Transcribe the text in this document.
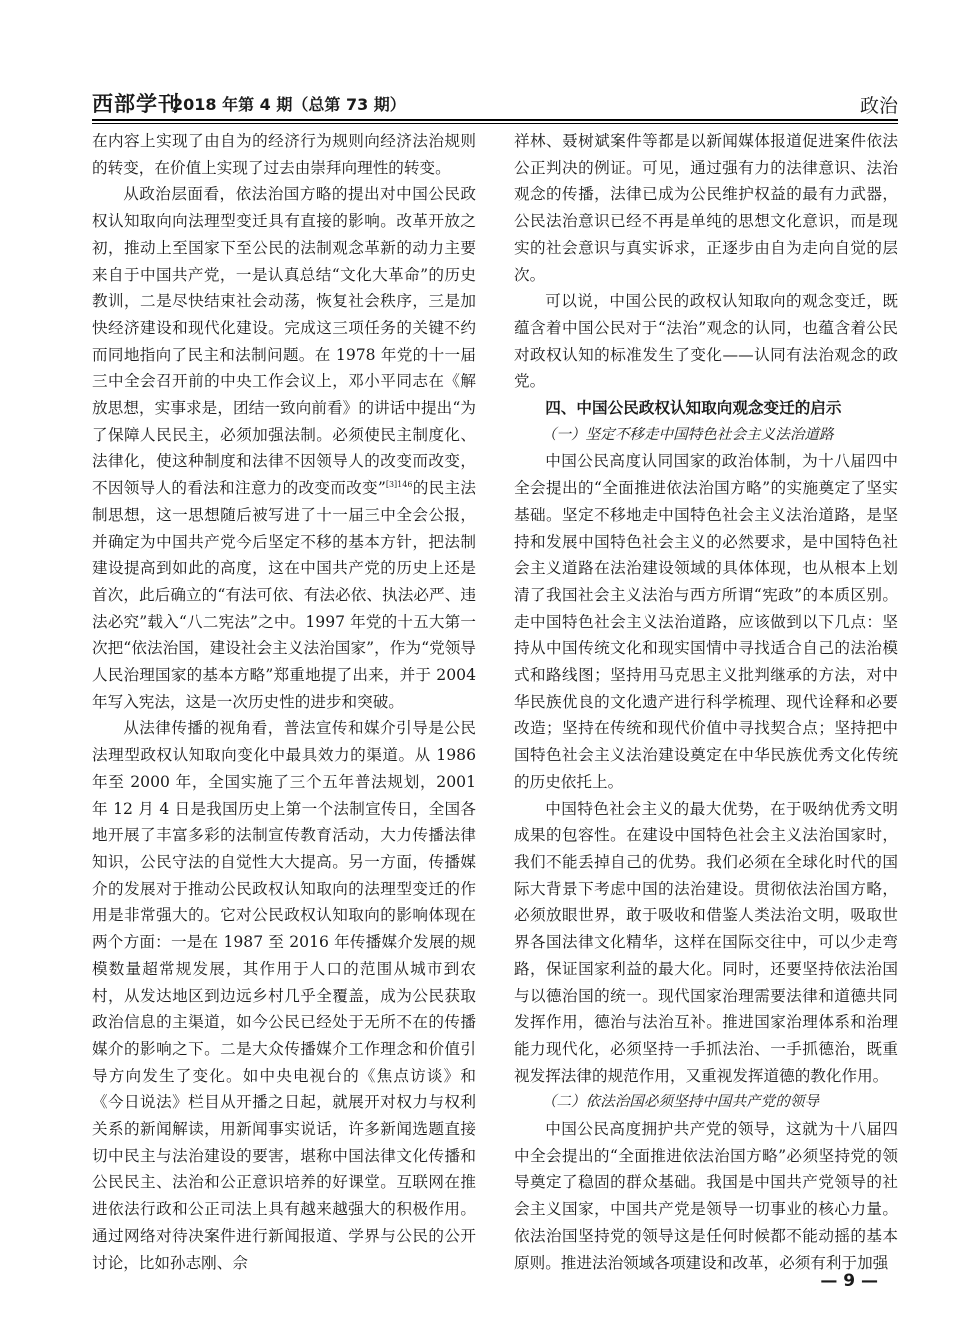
西部学刊
2018 年第 4 期（总第 73 期）	政治

在内容上实现了由自为的经济行为规则向经济法治规则的转变，在价值上实现了过去由崇拜向理性的转变。

从政治层面看，依法治国方略的提出对中国公民政权认知取向向法理型变迁具有直接的影响。改革开放之初，推动上至国家下至公民的法制观念革新的动力主要来自于中国共产党，一是认真总结“文化大革命”的历史教训，二是尽快结束社会动荡，恢复社会秩序，三是加快经济建设和现代化建设。完成这三项任务的关键不约而同地指向了民主和法制问题。在 1978 年党的十一届三中全会召开前的中央工作会议上，邓小平同志在《解放思想，实事求是，团结一致向前看》的讲话中提出“为了保障人民民主，必须加强法制。必须使民主制度化、法律化，使这种制度和法律不因领导人的改变而改变，不因领导人的看法和注意力的改变而改变”$^{[3]146}$的民主法制思想，这一思想随后被写进了十一届三中全会公报，并确定为中国共产党今后坚定不移的基本方针，把法制建设提高到如此的高度，这在中国共产党的历史上还是首次，此后确立的“有法可依、有法必依、执法必严、违法必究”载入“八二宪法”之中。1997 年党的十五大第一次把“依法治国，建设社会主义法治国家”，作为“党领导人民治理国家的基本方略”郑重地提了出来，并于 2004 年写入宪法，这是一次历史性的进步和突破。

从法律传播的视角看，普法宣传和媒介引导是公民法理型政权认知取向变化中最具效力的渠道。从 1986 年至 2000 年，全国实施了三个五年普法规划，2001 年 12 月 4 日是我国历史上第一个法制宣传日，全国各地开展了丰富多彩的法制宣传教育活动，大力传播法律知识，公民守法的自觉性大大提高。另一方面，传播媒介的发展对于推动公民政权认知取向的法理型变迁的作用是非常强大的。它对公民政权认知取向的影响体现在两个方面：一是在 1987 至 2016 年传播媒介发展的规模数量超常规发展，其作用于人口的范围从城市到农村，从发达地区到边远乡村几乎全覆盖，成为公民获取政治信息的主渠道，如今公民已经处于无所不在的传播媒介的影响之下。二是大众传播媒介工作理念和价值引导方向发生了变化。如中央电视台的《焦点访谈》和《今日说法》栏目从开播之日起，就展开对权力与权利关系的新闻解读，用新闻事实说话，许多新闻选题直接切中民主与法治建设的要害，堪称中国法律文化传播和公民民主、法治和公正意识培养的好课堂。互联网在推进依法行政和公正司法上具有越来越强大的积极作用。通过网络对待决案件进行新闻报道、学界与公民的公开讨论，比如孙志刚、佘

祥林、聂树斌案件等都是以新闻媒体报道促进案件依法公正判决的例证。可见，通过强有力的法律意识、法治观念的传播，法律已成为公民维护权益的最有力武器，公民法治意识已经不再是单纯的思想文化意识，而是现实的社会意识与真实诉求，正逐步由自为走向自觉的层次。

可以说，中国公民的政权认知取向的观念变迁，既蕴含着中国公民对于“法治”观念的认同，也蕴含着公民对政权认知的标准发生了变化——认同有法治观念的政党。

四、中国公民政权认知取向观念变迁的启示
（一）坚定不移走中国特色社会主义法治道路

中国公民高度认同国家的政治体制，为十八届四中全会提出的“全面推进依法治国方略”的实施奠定了坚实基础。坚定不移地走中国特色社会主义法治道路，是坚持和发展中国特色社会主义的必然要求，是中国特色社会主义道路在法治建设领域的具体体现，也从根本上划清了我国社会主义法治与西方所谓“宪政”的本质区别。走中国特色社会主义法治道路，应该做到以下几点：坚持从中国传统文化和现实国情中寻找适合自己的法治模式和路线图；坚持用马克思主义批判继承的方法，对中华民族优良的文化遗产进行科学梳理、现代诠释和必要改造；坚持在传统和现代价值中寻找契合点；坚持把中国特色社会主义法治建设奠定在中华民族优秀文化传统的历史依托上。

中国特色社会主义的最大优势，在于吸纳优秀文明成果的包容性。在建设中国特色社会主义法治国家时，我们不能丢掉自己的优势。我们必须在全球化时代的国际大背景下考虑中国的法治建设。贯彻依法治国方略，必须放眼世界，敢于吸收和借鉴人类法治文明，吸取世界各国法律文化精华，这样在国际交往中，可以少走弯路，保证国家利益的最大化。同时，还要坚持依法治国与以德治国的统一。现代国家治理需要法律和道德共同发挥作用，德治与法治互补。推进国家治理体系和治理能力现代化，必须坚持一手抓法治、一手抓德治，既重视发挥法律的规范作用，又重视发挥道德的教化作用。

（二）依法治国必须坚持中国共产党的领导

中国公民高度拥护共产党的领导，这就为十八届四中全会提出的“全面推进依法治国方略”必须坚持党的领导奠定了稳固的群众基础。我国是中国共产党领导的社会主义国家，中国共产党是领导一切事业的核心力量。依法治国坚持党的领导这是任何时候都不能动摇的基本原则。推进法治领域各项建设和改革，必须有利于加强

— 9 —
